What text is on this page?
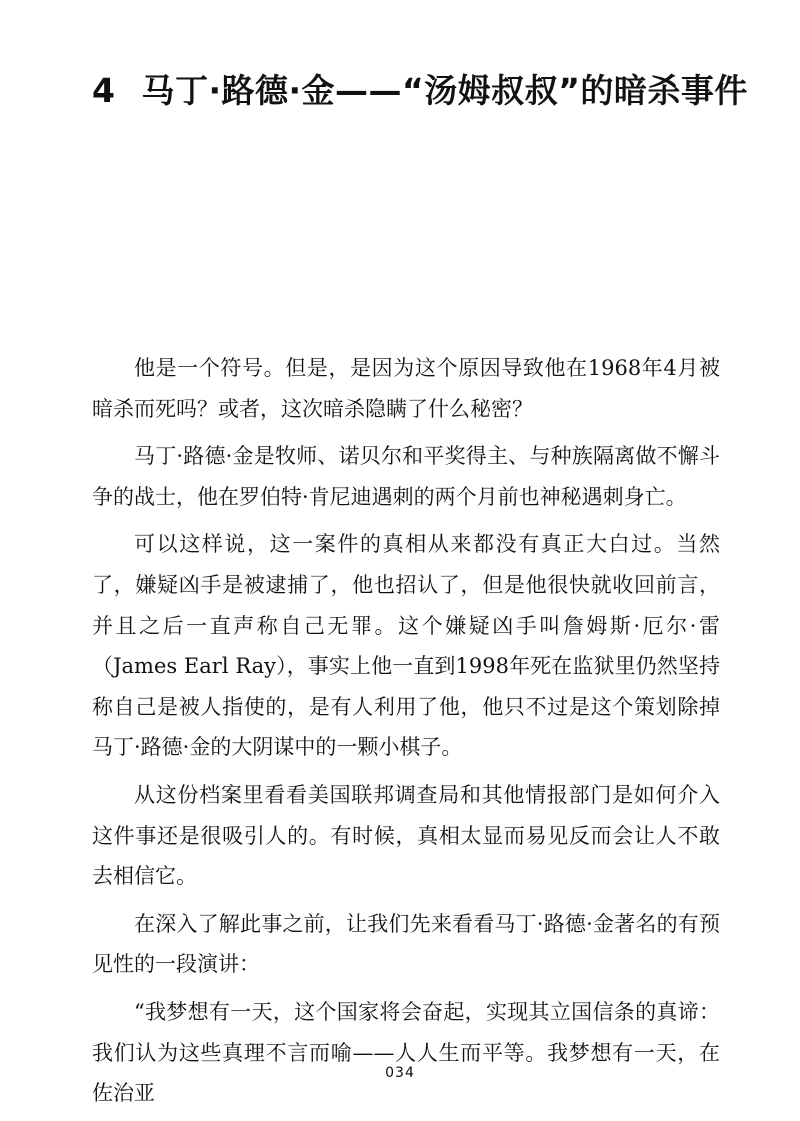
4 马丁·路德·金——“汤姆叔叔”的暗杀事件

他是一个符号。但是，是因为这个原因导致他在1968年4月被暗杀而死吗？或者，这次暗杀隐瞒了什么秘密？

马丁·路德·金是牧师、诺贝尔和平奖得主、与种族隔离做不懈斗争的战士，他在罗伯特·肯尼迪遇刺的两个月前也神秘遇刺身亡。

可以这样说，这一案件的真相从来都没有真正大白过。当然了，嫌疑凶手是被逮捕了，他也招认了，但是他很快就收回前言，并且之后一直声称自己无罪。这个嫌疑凶手叫詹姆斯·厄尔·雷（James Earl Ray），事实上他一直到1998年死在监狱里仍然坚持称自己是被人指使的，是有人利用了他，他只不过是这个策划除掉马丁·路德·金的大阴谋中的一颗小棋子。

从这份档案里看看美国联邦调查局和其他情报部门是如何介入这件事还是很吸引人的。有时候，真相太显而易见反而会让人不敢去相信它。

在深入了解此事之前，让我们先来看看马丁·路德·金著名的有预见性的一段演讲：

“我梦想有一天，这个国家将会奋起，实现其立国信条的真谛：我们认为这些真理不言而喻——人人生而平等。我梦想有一天，在佐治亚

034
